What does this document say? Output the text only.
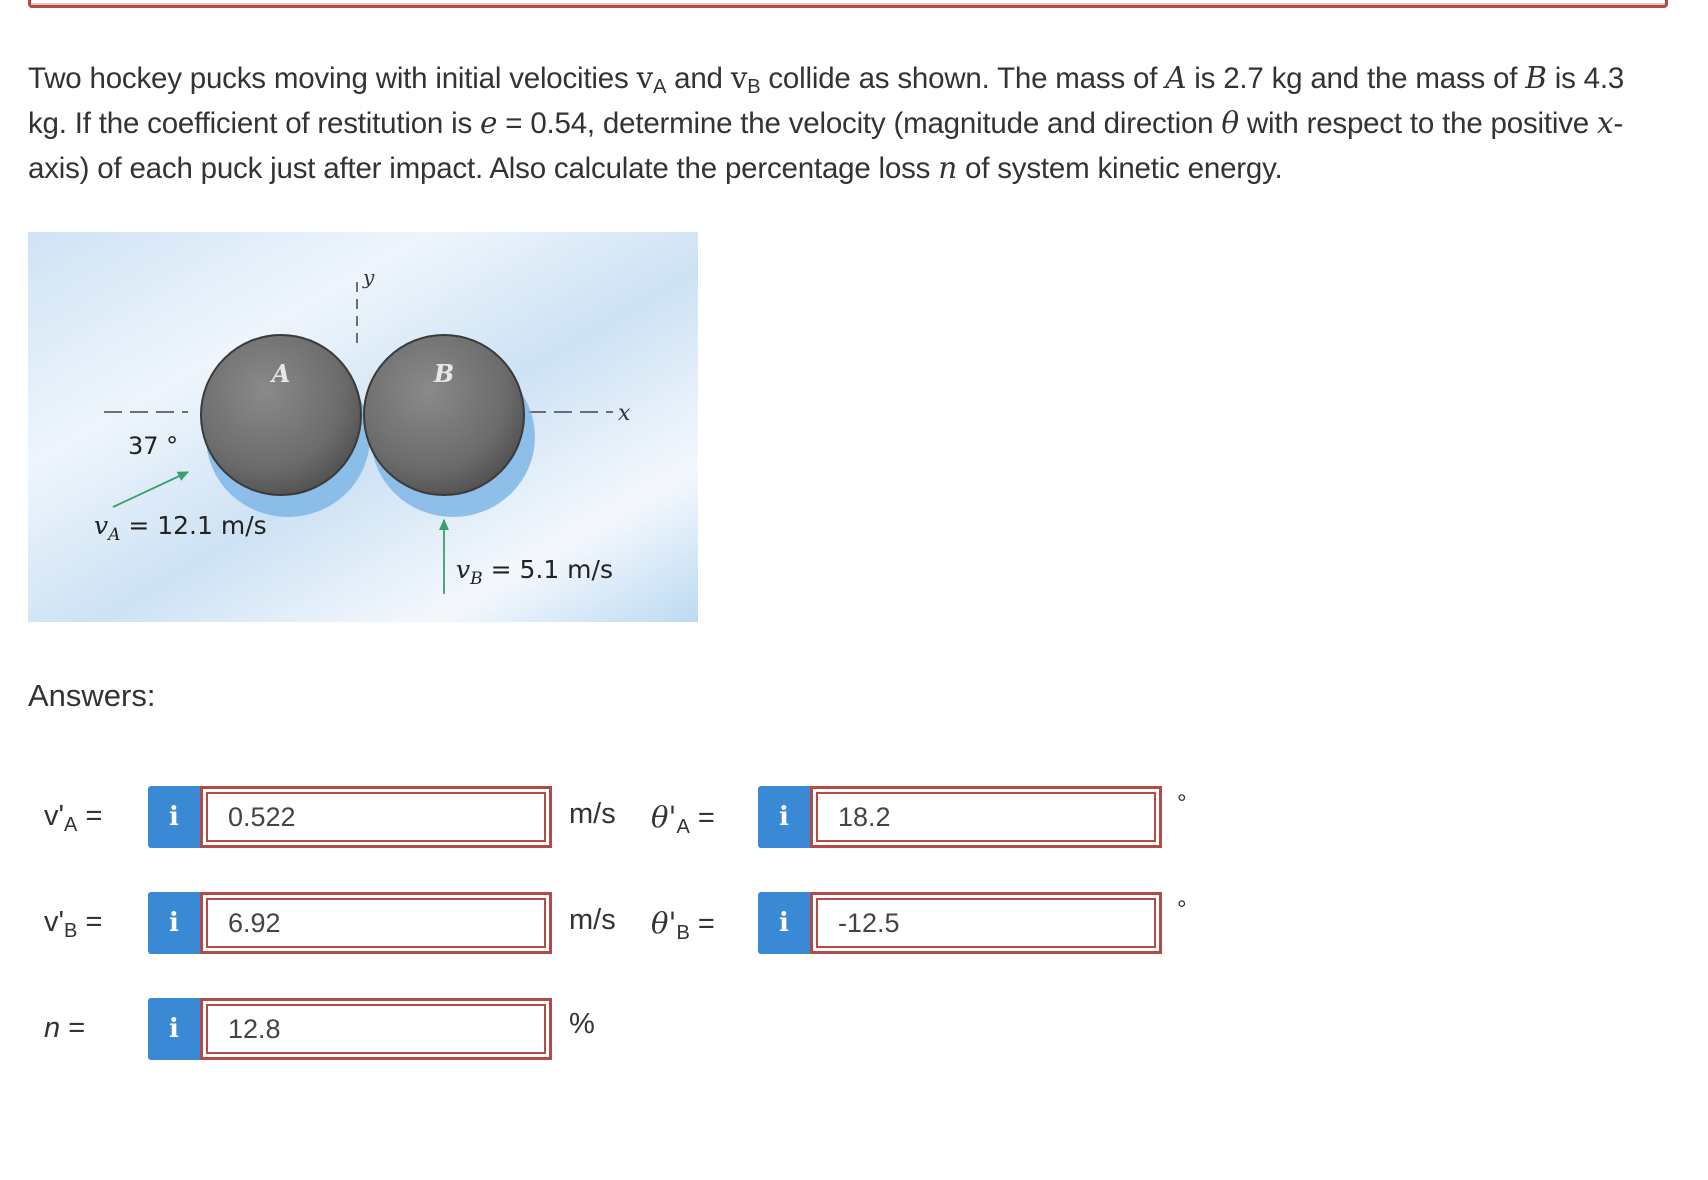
Two hockey pucks moving with initial velocities $v_A$ and $v_B$ collide as shown. The mass of A is 2.7 kg and the mass of B is 4.3 kg. If the coefficient of restitution is e = 0.54, determine the velocity (magnitude and direction θ with respect to the positive x-axis) of each puck just after impact. Also calculate the percentage loss n of system kinetic energy.
y
x
A	B
37 °
$v_A = 12.1$ m/s
$v_B = 5.1$ m/s
Answers:
$v'_A$ =	i	0.522	m/s $\theta'_A$ =	i	18.2	°
$v'_B$ =	i	6.92	m/s $\theta'_B$ =	i	-12.5	°
n =	i	12.8	%
